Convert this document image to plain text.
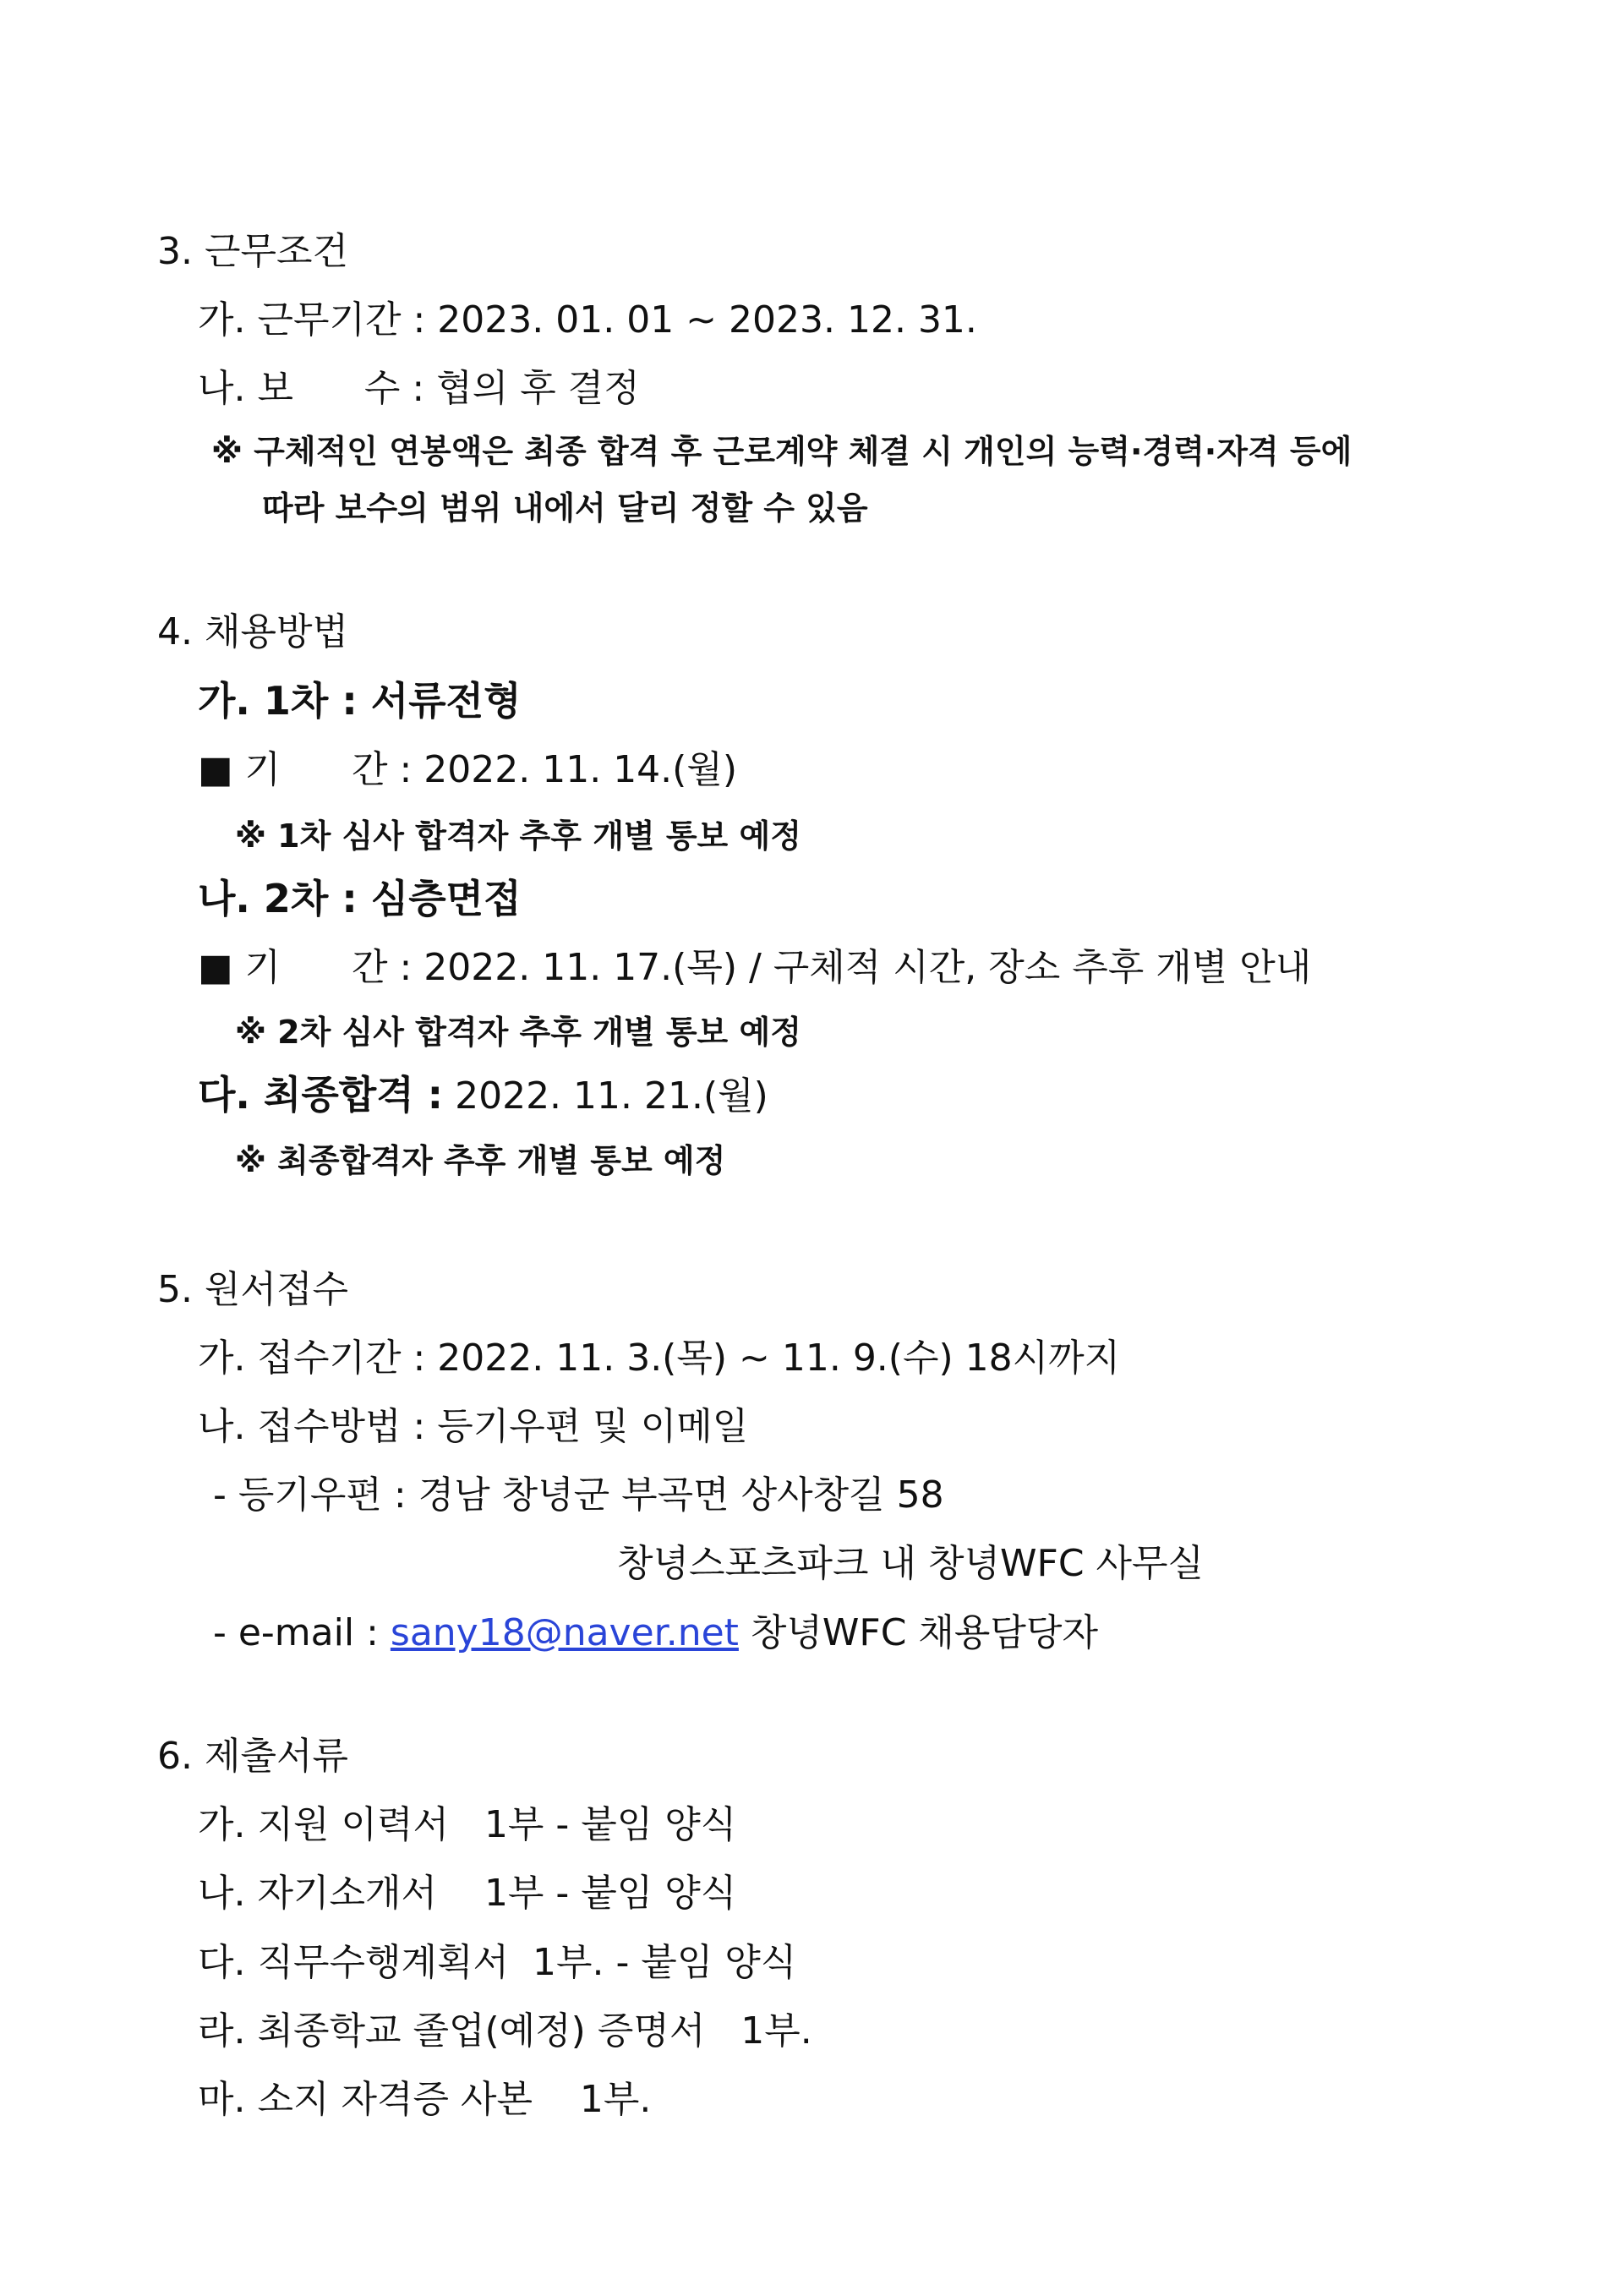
3. 근무조건
가. 근무기간 : 2023. 01. 01 ~ 2023. 12. 31.
나. 보      수 : 협의 후 결정
※ 구체적인 연봉액은 최종 합격 후 근로계약 체결 시 개인의 능력·경력·자격 등에
따라 보수의 범위 내에서 달리 정할 수 있음
4. 채용방법
가. 1차 : 서류전형
■ 기      간 : 2022. 11. 14.(월)
※ 1차 심사 합격자 추후 개별 통보 예정
나. 2차 : 심층면접
■ 기      간 : 2022. 11. 17.(목) / 구체적 시간, 장소 추후 개별 안내
※ 2차 심사 합격자 추후 개별 통보 예정
다. 최종합격 : 2022. 11. 21.(월)
※ 최종합격자 추후 개별 통보 예정
5. 원서접수
가. 접수기간 : 2022. 11. 3.(목) ~ 11. 9.(수) 18시까지
나. 접수방법 : 등기우편 및 이메일
- 등기우편 : 경남 창녕군 부곡면 상사창길 58
창녕스포츠파크 내 창녕WFC 사무실
- e-mail : sany18@naver.net 창녕WFC 채용담당자
6. 제출서류
가. 지원 이력서   1부 - 붙임 양식
나. 자기소개서    1부 - 붙임 양식
다. 직무수행계획서  1부. - 붙임 양식
라. 최종학교 졸업(예정) 증명서   1부.
마. 소지 자격증 사본    1부.
